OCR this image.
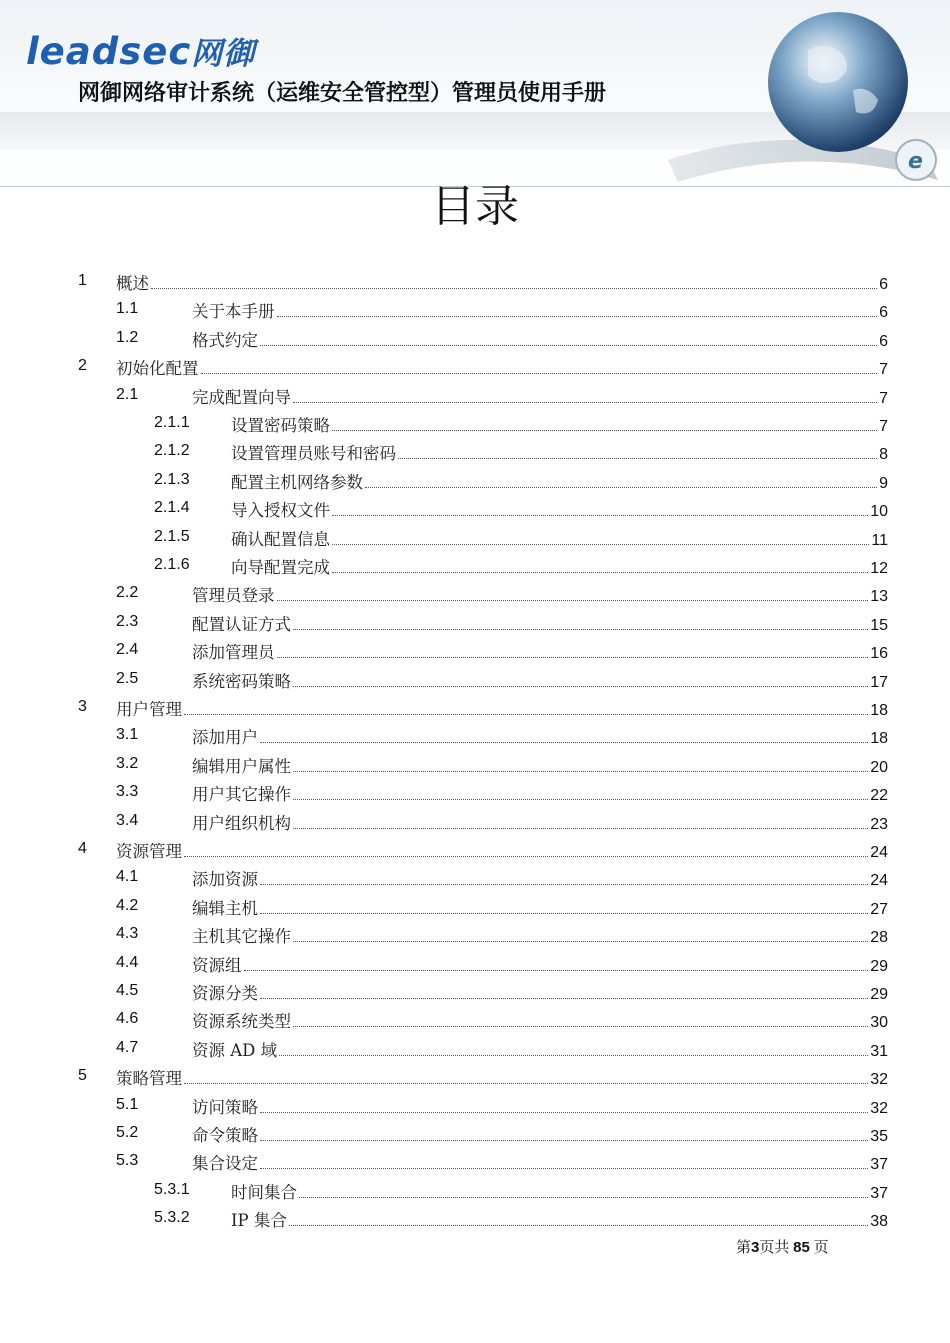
leadsec网御
网御网络审计系统（运维安全管控型）管理员使用手册
e
目录
1 概述	6
1.1	关于本手册	6
1.2	格式约定	6
2 初始化配置	7
2.1	完成配置向导	7
2.1.1	设置密码策略	7
2.1.2	设置管理员账号和密码	8
2.1.3	配置主机网络参数	9
2.1.4	导入授权文件	10
2.1.5	确认配置信息	11
2.1.6	向导配置完成	12
2.2	管理员登录	13
2.3	配置认证方式	15
2.4	添加管理员	16
2.5	系统密码策略	17
3 用户管理	18
3.1	添加用户	18
3.2	编辑用户属性	20
3.3	用户其它操作	22
3.4	用户组织机构	23
4 资源管理	24
4.1	添加资源	24
4.2	编辑主机	27
4.3	主机其它操作	28
4.4	资源组	29
4.5	资源分类	29
4.6	资源系统类型	30
4.7	资源 AD 域	31
5 策略管理	32
5.1	访问策略	32
5.2	命令策略	35
5.3	集合设定	37
5.3.1	时间集合	37
5.3.2	IP 集合	38
第3页共 85 页
